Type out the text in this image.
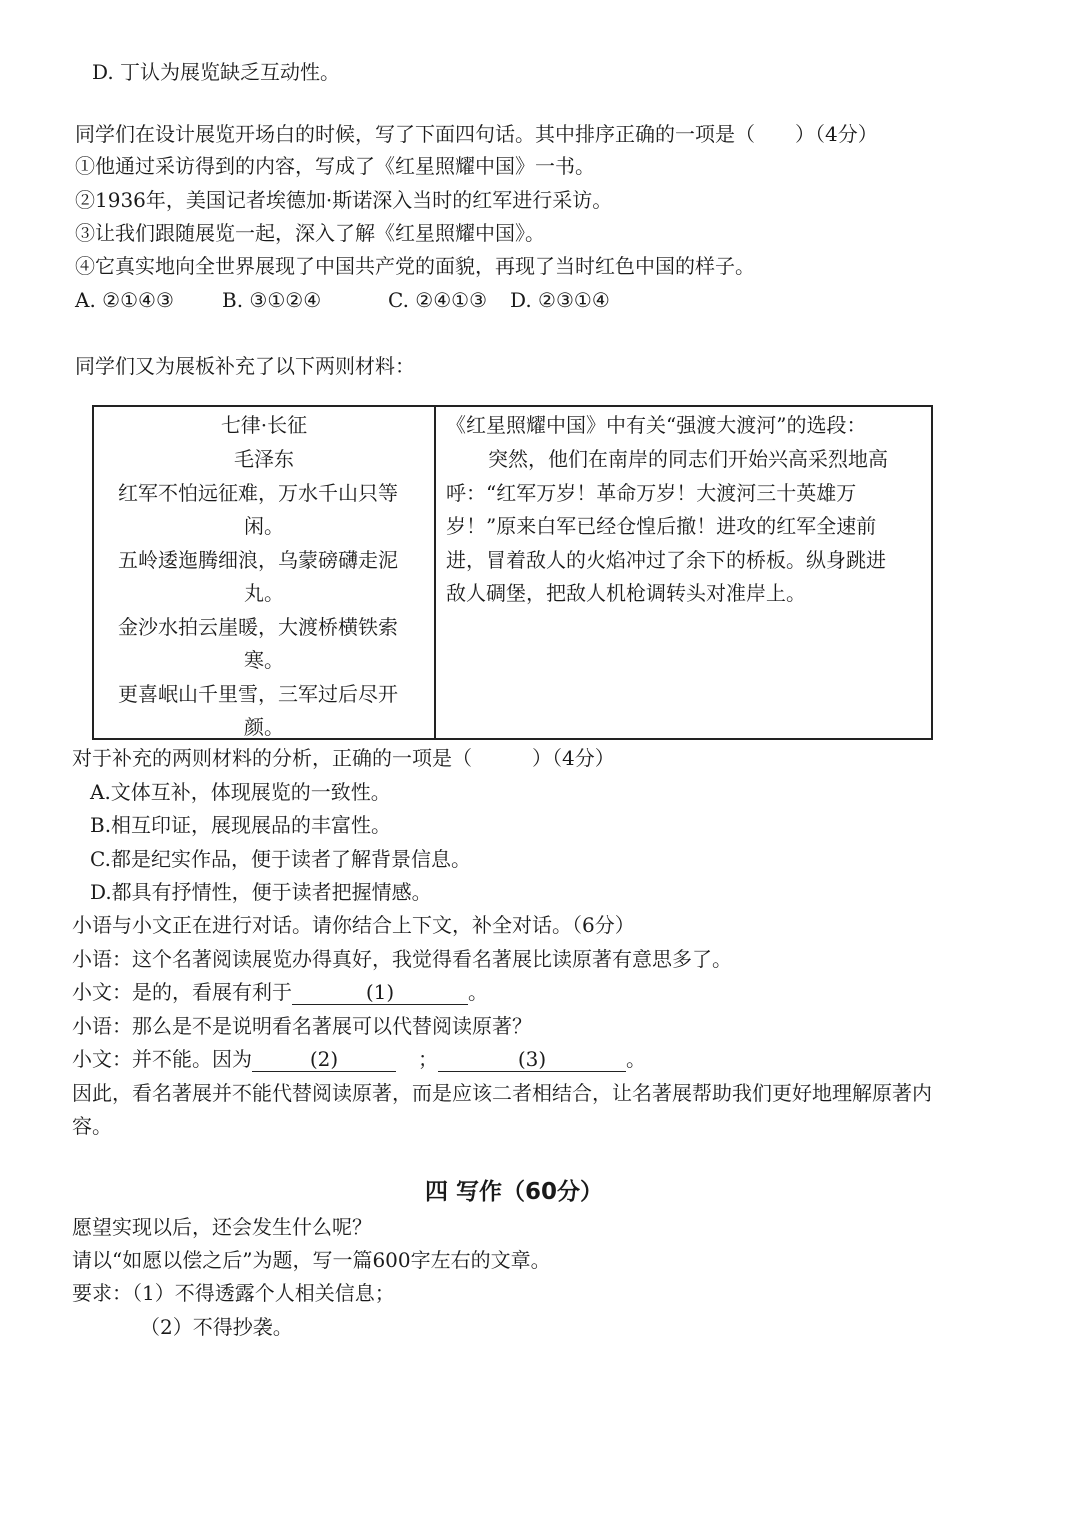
D. 丁认为展览缺乏互动性。
同学们在设计展览开场白的时候，写了下面四句话。其中排序正确的一项是（　　）（4分）
①他通过采访得到的内容，写成了《红星照耀中国》一书。
②1936年，美国记者埃德加·斯诺深入当时的红军进行采访。
③让我们跟随展览一起，深入了解《红星照耀中国》。
④它真实地向全世界展现了中国共产党的面貌，再现了当时红色中国的样子。
A. ②①④③ B. ③①②④	C. ②④①③ D. ②③①④
同学们又为展板补充了以下两则材料：
七律·长征
毛泽东
红军不怕远征难，万水千山只等
闲。
五岭逶迤腾细浪，乌蒙磅礴走泥
丸。
金沙水拍云崖暖，大渡桥横铁索
寒。
更喜岷山千里雪，三军过后尽开
颜。

《红星照耀中国》中有关“强渡大渡河”的选段：
突然，他们在南岸的同志们开始兴高采烈地高
呼：“红军万岁！革命万岁！大渡河三十英雄万
岁！”原来白军已经仓惶后撤！进攻的红军全速前
进，冒着敌人的火焰冲过了余下的桥板。纵身跳进
敌人碉堡，把敌人机枪调转头对准岸上。
对于补充的两则材料的分析，正确的一项是（　　　）（4分）
A.文体互补，体现展览的一致性。
B.相互印证，展现展品的丰富性。
C.都是纪实作品，便于读者了解背景信息。
D.都具有抒情性，便于读者把握情感。
小语与小文正在进行对话。请你结合上下文，补全对话。（6分）
小语：这个名著阅读展览办得真好，我觉得看名著展比读原著有意思多了。
小文：是的，看展有利于	(1)	。
小语：那么是不是说明看名著展可以代替阅读原著？
小文：并不能。因为	(2)	；	(3)	。
因此，看名著展并不能代替阅读原著，而是应该二者相结合，让名著展帮助我们更好地理解原著内
容。
四 写作（60分）
愿望实现以后，还会发生什么呢？
请以“如愿以偿之后”为题，写一篇600字左右的文章。
要求：（1）不得透露个人相关信息；
（2）不得抄袭。
